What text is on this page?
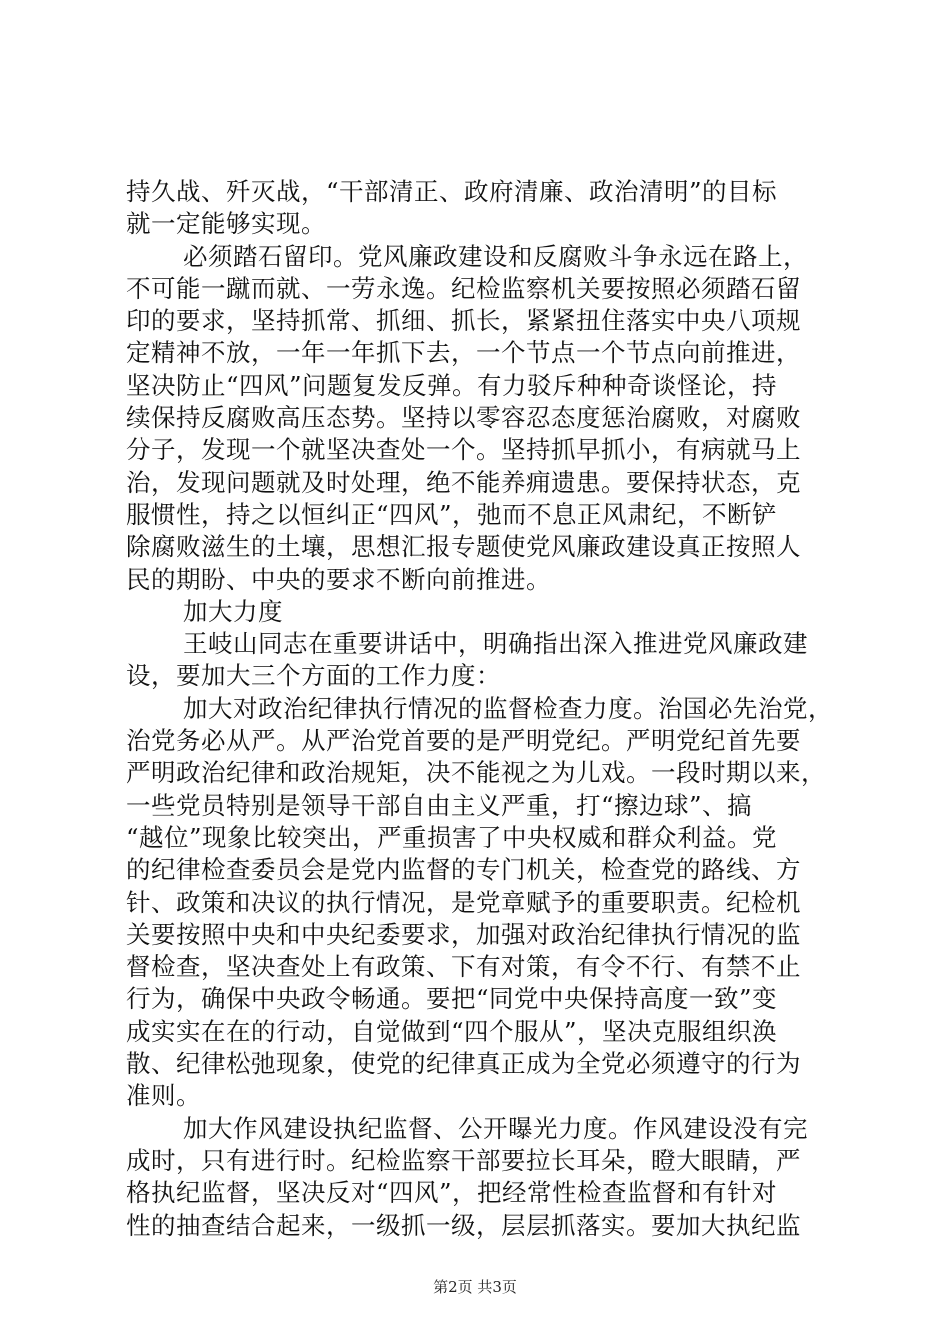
持久战、歼灭战，“干部清正、政府清廉、政治清明”的目标
就一定能够实现。
必须踏石留印。党风廉政建设和反腐败斗争永远在路上，
不可能一蹴而就、一劳永逸。纪检监察机关要按照必须踏石留
印的要求，坚持抓常、抓细、抓长，紧紧扭住落实中央八项规
定精神不放，一年一年抓下去，一个节点一个节点向前推进，
坚决防止“四风”问题复发反弹。有力驳斥种种奇谈怪论，持
续保持反腐败高压态势。坚持以零容忍态度惩治腐败，对腐败
分子，发现一个就坚决查处一个。坚持抓早抓小，有病就马上
治，发现问题就及时处理，绝不能养痈遗患。要保持状态，克
服惯性，持之以恒纠正“四风”，弛而不息正风肃纪，不断铲
除腐败滋生的土壤，思想汇报专题使党风廉政建设真正按照人
民的期盼、中央的要求不断向前推进。
加大力度
王岐山同志在重要讲话中，明确指出深入推进党风廉政建
设，要加大三个方面的工作力度：
加大对政治纪律执行情况的监督检查力度。治国必先治党，
治党务必从严。从严治党首要的是严明党纪。严明党纪首先要
严明政治纪律和政治规矩，决不能视之为儿戏。一段时期以来，
一些党员特别是领导干部自由主义严重，打“擦边球”、搞
“越位”现象比较突出，严重损害了中央权威和群众利益。党
的纪律检查委员会是党内监督的专门机关，检查党的路线、方
针、政策和决议的执行情况，是党章赋予的重要职责。纪检机
关要按照中央和中央纪委要求，加强对政治纪律执行情况的监
督检查，坚决查处上有政策、下有对策，有令不行、有禁不止
行为，确保中央政令畅通。要把“同党中央保持高度一致”变
成实实在在的行动，自觉做到“四个服从”，坚决克服组织涣
散、纪律松弛现象，使党的纪律真正成为全党必须遵守的行为
准则。
加大作风建设执纪监督、公开曝光力度。作风建设没有完
成时，只有进行时。纪检监察干部要拉长耳朵，瞪大眼睛，严
格执纪监督，坚决反对“四风”，把经常性检查监督和有针对
性的抽查结合起来，一级抓一级，层层抓落实。要加大执纪监
第2页 共3页
